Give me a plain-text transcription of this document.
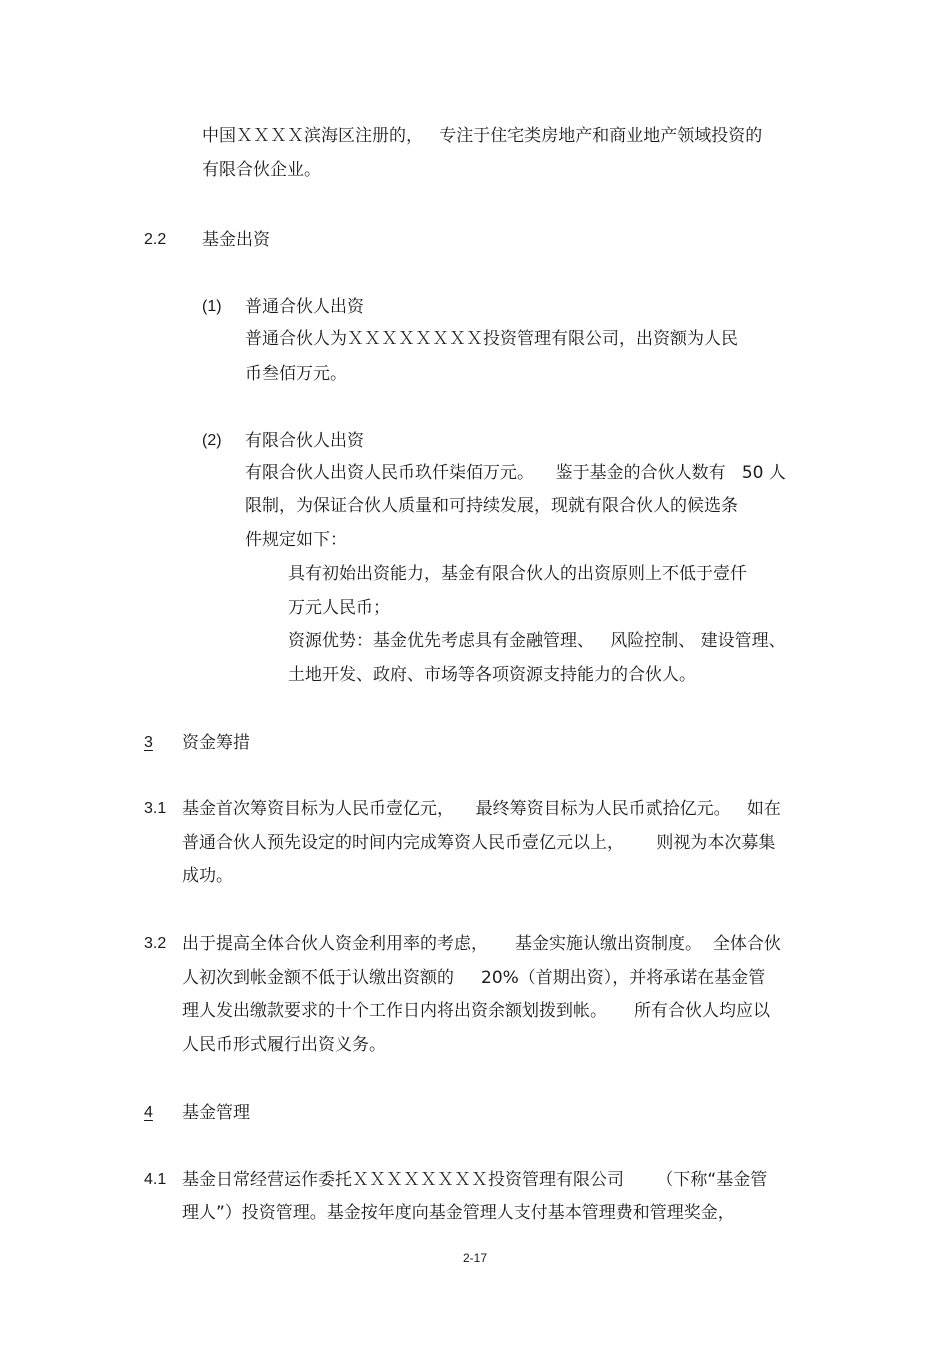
中国ＸＸＸＸ滨海区注册的，   专注于住宅类房地产和商业地产领域投资的
有限合伙企业。
2.2 基金出资
(1) 普通合伙人出资
普通合伙人为ＸＸＸＸＸＸＸＸ投资管理有限公司，出资额为人民
币叁佰万元。
(2) 有限合伙人出资
有限合伙人出资人民币玖仟柒佰万元。    鉴于基金的合伙人数有   50 人
限制，为保证合伙人质量和可持续发展，现就有限合伙人的候选条
件规定如下：
具有初始出资能力，基金有限合伙人的出资原则上不低于壹仟
万元人民币；
资源优势：基金优先考虑具有金融管理、   风险控制、 建设管理、
土地开发、政府、市场等各项资源支持能力的合伙人。
3 资金筹措
3.1 基金首次筹资目标为人民币壹亿元，    最终筹资目标为人民币贰拾亿元。   如在
普通合伙人预先设定的时间内完成筹资人民币壹亿元以上，      则视为本次募集
成功。
3.2 出于提高全体合伙人资金利用率的考虑，     基金实施认缴出资制度。  全体合伙
人初次到帐金额不低于认缴出资额的     20%（首期出资），并将承诺在基金管
理人发出缴款要求的十个工作日内将出资余额划拨到帐。     所有合伙人均应以
人民币形式履行出资义务。
4 基金管理
4.1 基金日常经营运作委托ＸＸＸＸＸＸＸＸ投资管理有限公司      （下称“基金管
理人”）投资管理。基金按年度向基金管理人支付基本管理费和管理奖金，
2-17
